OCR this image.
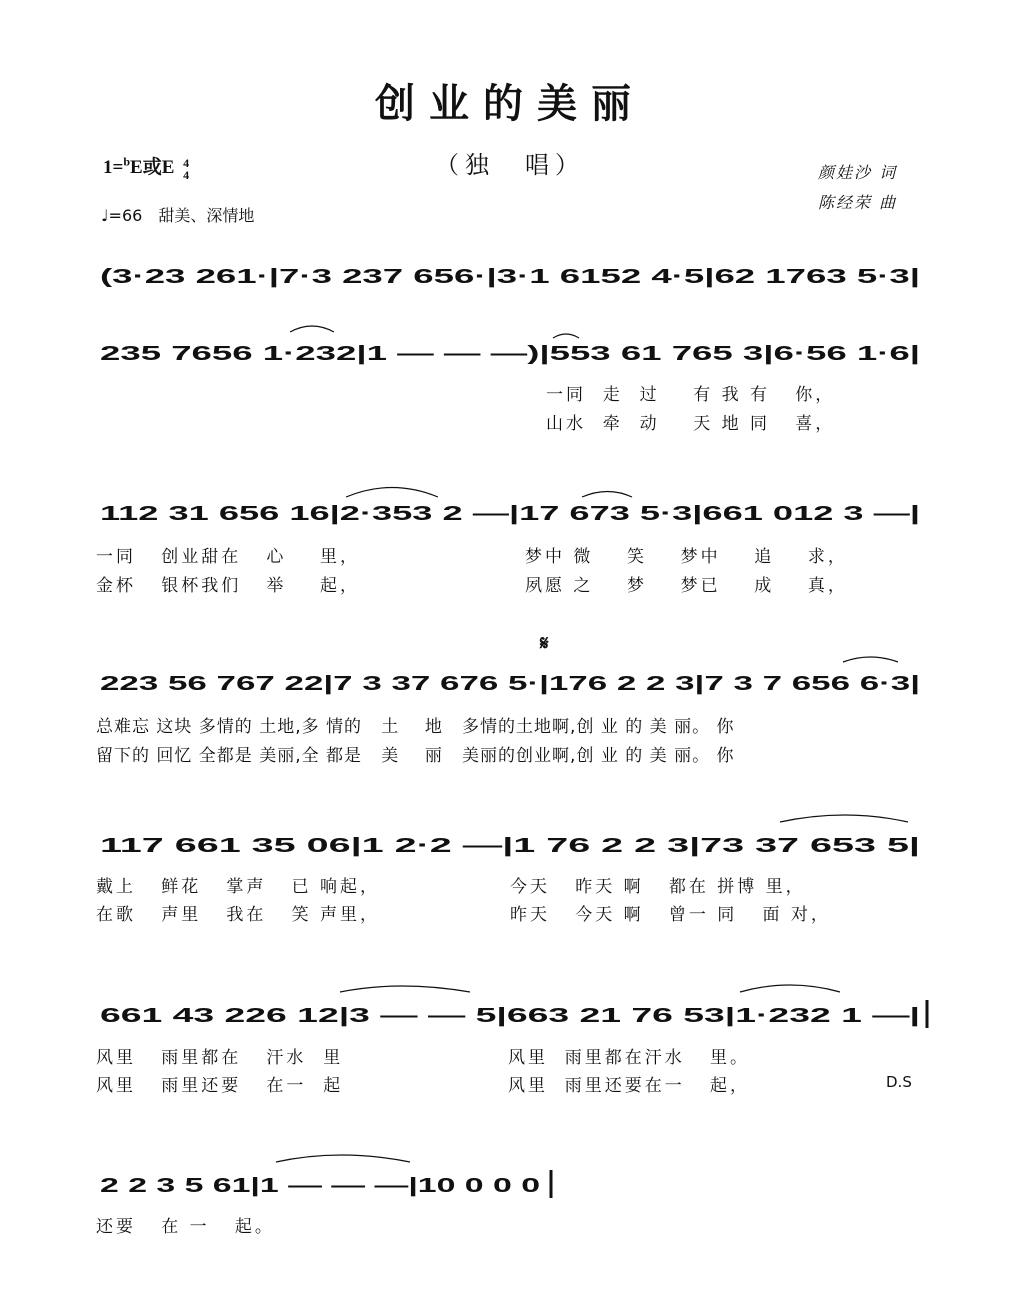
创业的美丽
（独　唱）
1=$^b$E或E 4
4
♩=66　甜美、深情地
颜娃沙 词
陈经荣 曲
(3·23 261·|7·3 237 656·|3·1 6152 4·5|62 1763 5·3|
235 7656 1·232|1 — — —)|553 61 765 3|6·56 1·6|
112 31 656 16|2·353 2 —|17 673 5·3|661 012 3 —|
223 56 767 22|7 3 37 676 5·|176 2 2 3|7 3 7 656 6·3|
117 661 35 06|1 2·2 —|1 76 2 2 3|73 37 653 5|
661 43 226 12|3 — — 5|663 21 76 53|1·232 1 —|
2 2 3 5 61|1 — — —|10 0 0 0
𝄋
一同  走  过    有 我 有   你，
山水  牵  动    天 地 同   喜，
一同   创业甜在   心    里，
金杯   银杯我们   举    起，
梦中 微    笑    梦中    追    求，
夙愿 之    梦    梦已    成    真，
总难忘 这块 多情的 土地,多 情的   土    地   多情的土地啊,创 业 的 美 丽。 你
留下的 回忆 全都是 美丽,全 都是   美    丽   美丽的创业啊,创 业 的 美 丽。 你
戴上   鲜花   掌声   已 响起，
在歌   声里   我在   笑 声里，
今天   昨天 啊   都在 拼博 里，
昨天   今天 啊   曾一 同   面 对，
风里   雨里都在   汗水  里
风里   雨里还要   在一  起
风里  雨里都在汗水   里。
风里  雨里还要在一   起，	D.S
还要   在 一   起。
